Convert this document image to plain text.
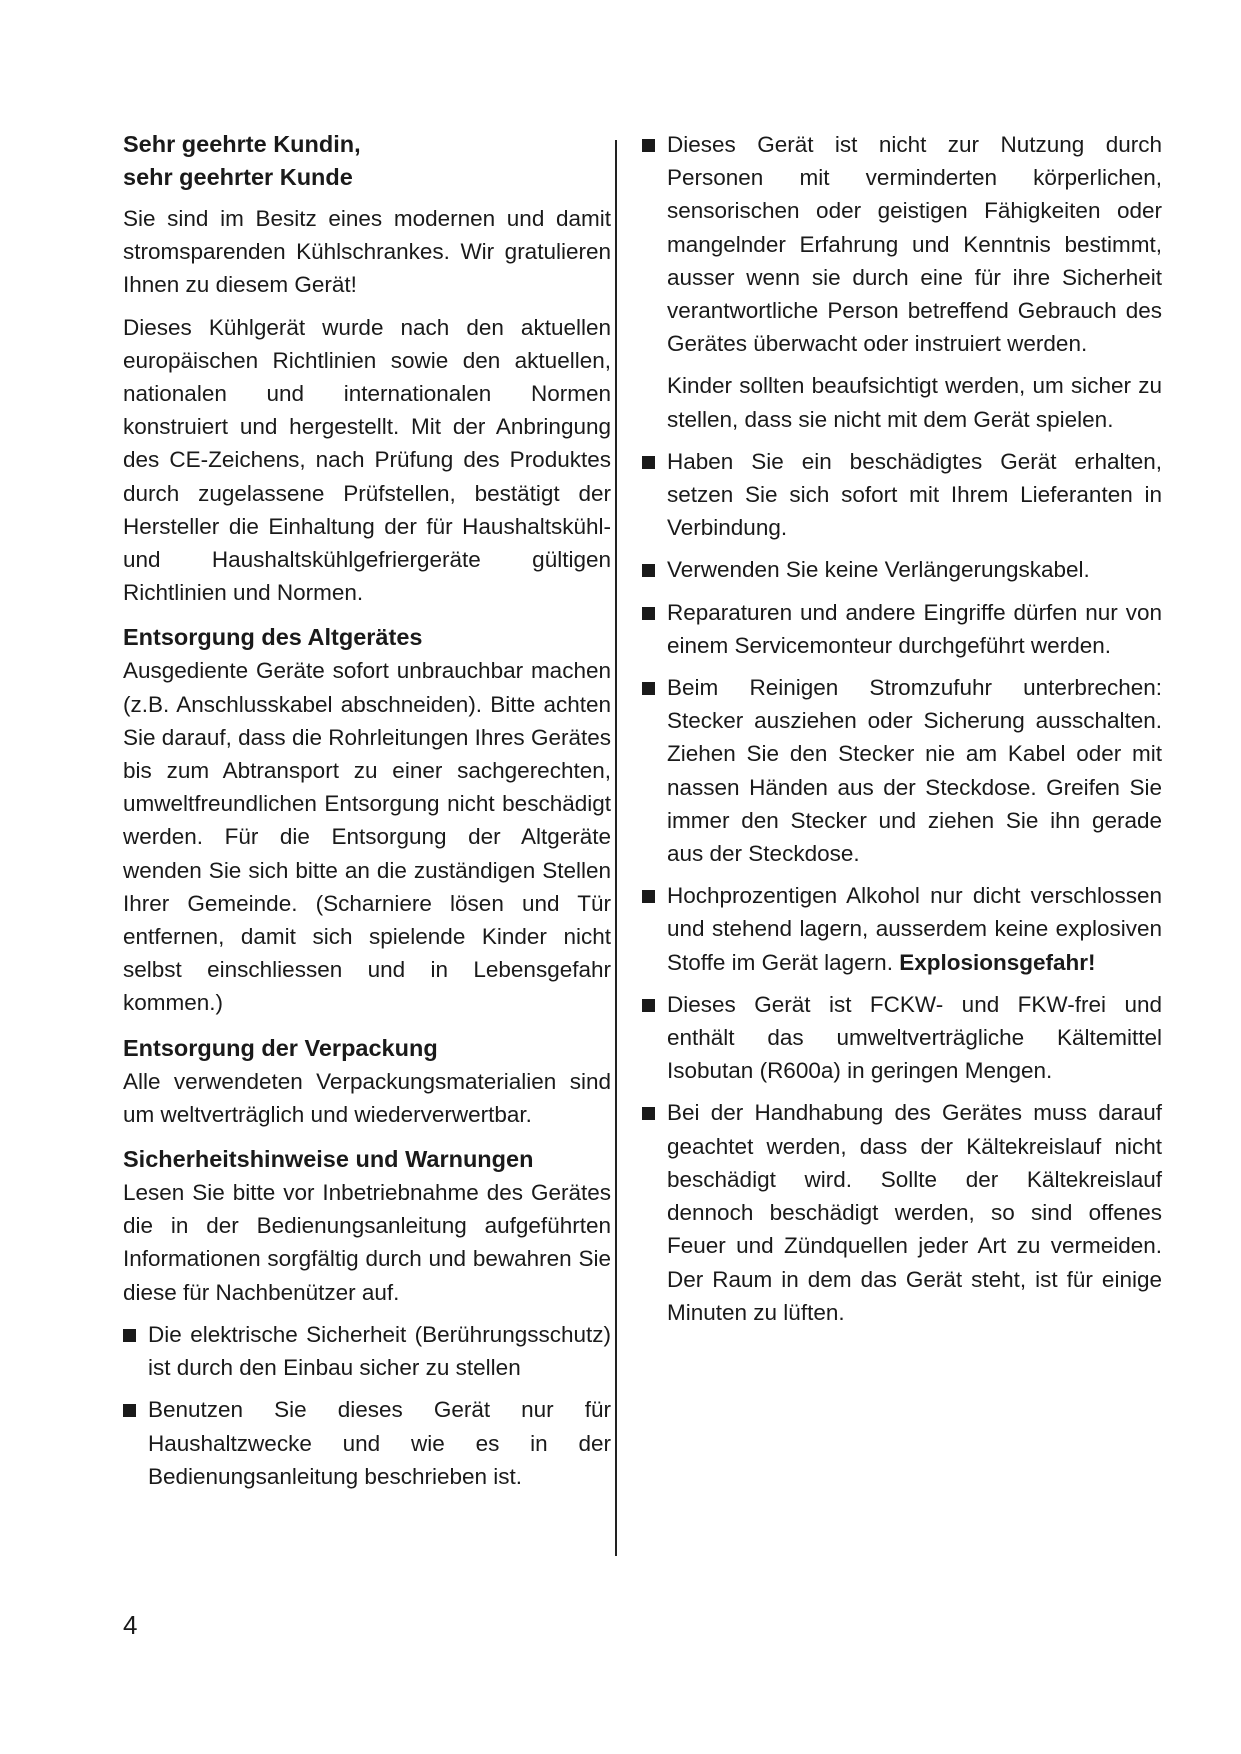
Sehr geehrte Kundin,
sehr geehrter Kunde

Sie sind im Besitz eines modernen und damit stromsparenden Kühlschrankes. Wir gratulieren Ihnen zu diesem Gerät!

Dieses Kühlgerät wurde nach den aktuellen europäischen Richtlinien sowie den aktuellen, nationalen und internationalen Normen konstruiert und hergestellt. Mit der Anbringung des CE-Zeichens, nach Prüfung des Produktes durch zugelassene Prüfstellen, bestätigt der Hersteller die Einhaltung der für Haushaltskühl- und Haushaltskühlgefriergeräte gültigen Richtlinien und Normen.

Entsorgung des Altgerätes

Ausgediente Geräte sofort unbrauchbar machen (z.B. Anschlusskabel abschneiden). Bitte achten Sie darauf, dass die Rohrleitungen Ihres Gerätes bis zum Abtransport zu einer sachgerechten, umweltfreundlichen Entsorgung nicht beschädigt werden. Für die Entsorgung der Altgeräte wenden Sie sich bitte an die zuständigen Stellen Ihrer Gemeinde. (Scharniere lösen und Tür entfernen, damit sich spielende Kinder nicht selbst einschliessen und in Lebensgefahr kommen.)

Entsorgung der Verpackung

Alle verwendeten Verpackungsmaterialien sind um weltverträglich und wiederverwertbar.

Sicherheitshinweise und Warnungen

Lesen Sie bitte vor Inbetriebnahme des Gerätes die in der Bedienungsanleitung aufgeführten Informationen sorgfältig durch und bewahren Sie diese für Nachbenützer auf.

Die elektrische Sicherheit (Berührungsschutz) ist durch den Einbau sicher zu stellen
Benutzen Sie dieses Gerät nur für Haushaltzwecke und wie es in der Bedienungsanleitung beschrieben ist.

Dieses Gerät ist nicht zur Nutzung durch Personen mit verminderten körperlichen, sensorischen oder geistigen Fähigkeiten oder mangelnder Erfahrung und Kenntnis bestimmt, ausser wenn sie durch eine für ihre Sicherheit verantwortliche Person betreffend Gebrauch des Gerätes überwacht oder instruiert werden.

Kinder sollten beaufsichtigt werden, um sicher zu stellen, dass sie nicht mit dem Gerät spielen.

Haben Sie ein beschädigtes Gerät erhalten, setzen Sie sich sofort mit Ihrem Lieferanten in Verbindung.
Verwenden Sie keine Verlängerungskabel.
Reparaturen und andere Eingriffe dürfen nur von einem Servicemonteur durchgeführt werden.
Beim Reinigen Stromzufuhr unterbrechen: Stecker ausziehen oder Sicherung ausschalten. Ziehen Sie den Stecker nie am Kabel oder mit nassen Händen aus der Steckdose. Greifen Sie immer den Stecker und ziehen Sie ihn gerade aus der Steckdose.
Hochprozentigen Alkohol nur dicht verschlossen und stehend lagern, ausserdem keine explosiven Stoffe im Gerät lagern. Explosionsgefahr!
Dieses Gerät ist FCKW- und FKW-frei und enthält das umweltverträgliche Kältemittel Isobutan (R600a) in geringen Mengen.
Bei der Handhabung des Gerätes muss darauf geachtet werden, dass der Kältekreislauf nicht beschädigt wird. Sollte der Kältekreislauf dennoch beschädigt werden, so sind offenes Feuer und Zündquellen jeder Art zu vermeiden. Der Raum in dem das Gerät steht, ist für einige Minuten zu lüften.
4
